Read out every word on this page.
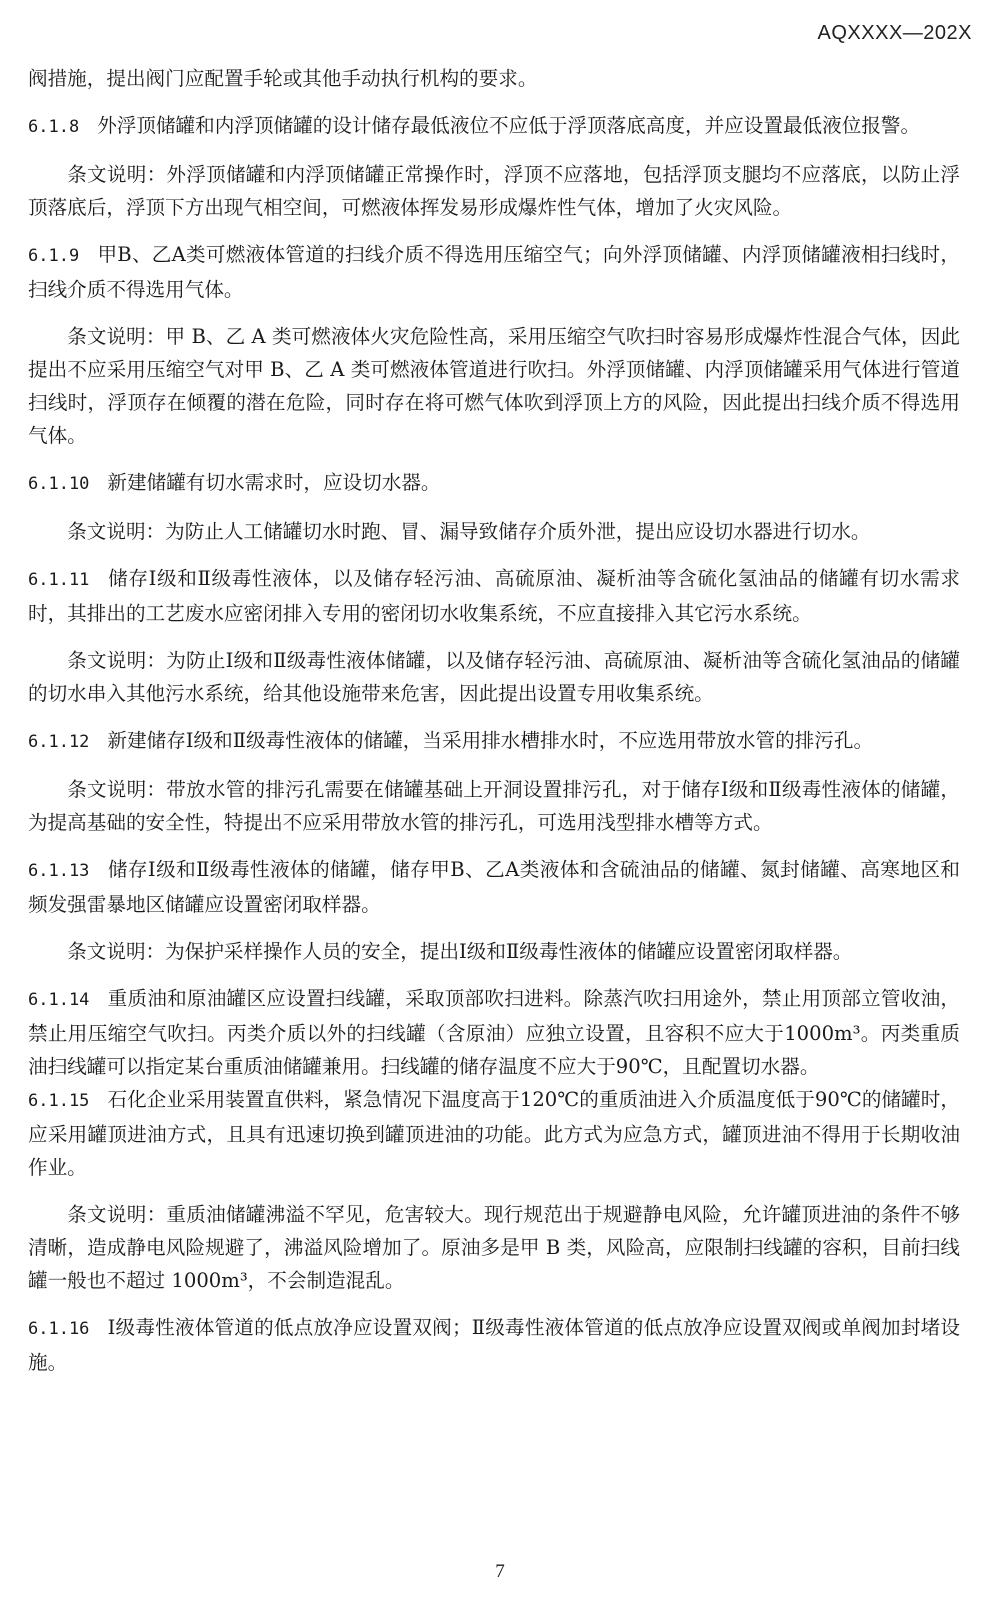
AQXXXX—202X

阀措施，提出阀门应配置手轮或其他手动执行机构的要求。

6.1.8 外浮顶储罐和内浮顶储罐的设计储存最低液位不应低于浮顶落底高度，并应设置最低液位报警。

条文说明：外浮顶储罐和内浮顶储罐正常操作时，浮顶不应落地，包括浮顶支腿均不应落底，以防止浮顶落底后，浮顶下方出现气相空间，可燃液体挥发易形成爆炸性气体，增加了火灾风险。

6.1.9 甲B、乙A类可燃液体管道的扫线介质不得选用压缩空气；向外浮顶储罐、内浮顶储罐液相扫线时，扫线介质不得选用气体。

条文说明：甲 B、乙 A 类可燃液体火灾危险性高，采用压缩空气吹扫时容易形成爆炸性混合气体，因此提出不应采用压缩空气对甲 B、乙 A 类可燃液体管道进行吹扫。外浮顶储罐、内浮顶储罐采用气体进行管道扫线时，浮顶存在倾覆的潜在危险，同时存在将可燃气体吹到浮顶上方的风险，因此提出扫线介质不得选用气体。

6.1.10 新建储罐有切水需求时，应设切水器。

条文说明：为防止人工储罐切水时跑、冒、漏导致储存介质外泄，提出应设切水器进行切水。

6.1.11 储存Ⅰ级和Ⅱ级毒性液体，以及储存轻污油、高硫原油、凝析油等含硫化氢油品的储罐有切水需求时，其排出的工艺废水应密闭排入专用的密闭切水收集系统，不应直接排入其它污水系统。

条文说明：为防止Ⅰ级和Ⅱ级毒性液体储罐，以及储存轻污油、高硫原油、凝析油等含硫化氢油品的储罐的切水串入其他污水系统，给其他设施带来危害，因此提出设置专用收集系统。

6.1.12 新建储存Ⅰ级和Ⅱ级毒性液体的储罐，当采用排水槽排水时，不应选用带放水管的排污孔。

条文说明：带放水管的排污孔需要在储罐基础上开洞设置排污孔，对于储存Ⅰ级和Ⅱ级毒性液体的储罐，为提高基础的安全性，特提出不应采用带放水管的排污孔，可选用浅型排水槽等方式。

6.1.13 储存Ⅰ级和Ⅱ级毒性液体的储罐，储存甲B、乙A类液体和含硫油品的储罐、氮封储罐、高寒地区和频发强雷暴地区储罐应设置密闭取样器。

条文说明：为保护采样操作人员的安全，提出Ⅰ级和Ⅱ级毒性液体的储罐应设置密闭取样器。

6.1.14 重质油和原油罐区应设置扫线罐，采取顶部吹扫进料。除蒸汽吹扫用途外，禁止用顶部立管收油，禁止用压缩空气吹扫。丙类介质以外的扫线罐（含原油）应独立设置，且容积不应大于1000m³。丙类重质油扫线罐可以指定某台重质油储罐兼用。扫线罐的储存温度不应大于90℃，且配置切水器。

6.1.15 石化企业采用装置直供料，紧急情况下温度高于120℃的重质油进入介质温度低于90℃的储罐时，应采用罐顶进油方式，且具有迅速切换到罐顶进油的功能。此方式为应急方式，罐顶进油不得用于长期收油作业。

条文说明：重质油储罐沸溢不罕见，危害较大。现行规范出于规避静电风险，允许罐顶进油的条件不够清晰，造成静电风险规避了，沸溢风险增加了。原油多是甲 B 类，风险高，应限制扫线罐的容积，目前扫线罐一般也不超过 1000m³，不会制造混乱。

6.1.16 Ⅰ级毒性液体管道的低点放净应设置双阀；Ⅱ级毒性液体管道的低点放净应设置双阀或单阀加封堵设施。

7
